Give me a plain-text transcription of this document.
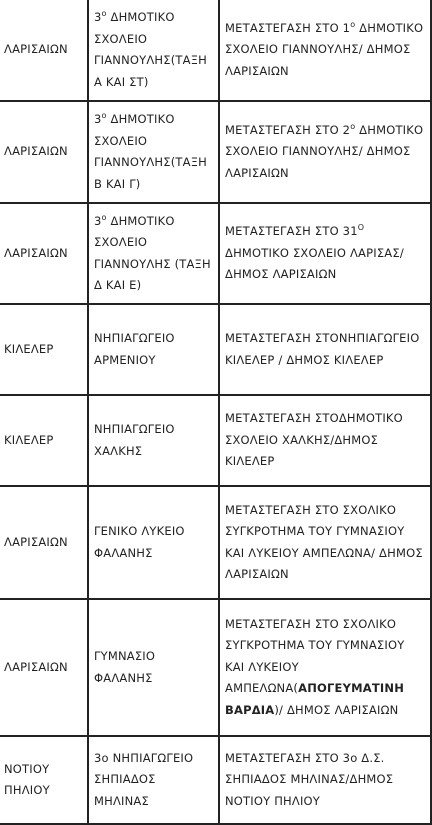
ΛΑΡΙΣΑΙΩΝ	$3^o$ ΔΗΜΟΤΙΚΟ ΣΧΟΛΕΙΟ ΓΙΑΝΝΟΥΛΗΣ(ΤΑΞΗ Α ΚΑΙ ΣΤ)	ΜΕΤΑΣΤΕΓΑΣΗ ΣΤΟ $1^o$ ΔΗΜΟΤΙΚΟ ΣΧΟΛΕΙΟ ΓΙΑΝΝΟΥΛΗΣ/ ΔΗΜΟΣ ΛΑΡΙΣΑΙΩΝ
ΛΑΡΙΣΑΙΩΝ	$3^o$ ΔΗΜΟΤΙΚΟ ΣΧΟΛΕΙΟ ΓΙΑΝΝΟΥΛΗΣ(ΤΑΞΗ Β ΚΑΙ Γ)	ΜΕΤΑΣΤΕΓΑΣΗ ΣΤΟ $2^o$ ΔΗΜΟΤΙΚΟ ΣΧΟΛΕΙΟ ΓΙΑΝΝΟΥΛΗΣ/ ΔΗΜΟΣ ΛΑΡΙΣΑΙΩΝ
ΛΑΡΙΣΑΙΩΝ	$3^o$ ΔΗΜΟΤΙΚΟ ΣΧΟΛΕΙΟ ΓΙΑΝΝΟΥΛΗΣ (ΤΑΞΗ Δ ΚΑΙ Ε)	ΜΕΤΑΣΤΕΓΑΣΗ ΣΤΟ $31^O$ ΔΗΜΟΤΙΚΟ ΣΧΟΛΕΙΟ ΛΑΡΙΣΑΣ/ ΔΗΜΟΣ ΛΑΡΙΣΑΙΩΝ
ΚΙΛΕΛΕΡ	ΝΗΠΙΑΓΩΓΕΙΟ ΑΡΜΕΝΙΟΥ	ΜΕΤΑΣΤΕΓΑΣΗ ΣΤΟΝΗΠΙΑΓΩΓΕΙΟ ΚΙΛΕΛΕΡ / ΔΗΜΟΣ ΚΙΛΕΛΕΡ
ΚΙΛΕΛΕΡ	ΝΗΠΙΑΓΩΓΕΙΟ ΧΑΛΚΗΣ	ΜΕΤΑΣΤΕΓΑΣΗ ΣΤΟΔΗΜΟΤΙΚΟ ΣΧΟΛΕΙΟ ΧΑΛΚΗΣ/ΔΗΜΟΣ ΚΙΛΕΛΕΡ
ΛΑΡΙΣΑΙΩΝ	ΓΕΝΙΚΟ ΛΥΚΕΙΟ ΦΑΛΑΝΗΣ	ΜΕΤΑΣΤΕΓΑΣΗ ΣΤΟ ΣΧΟΛΙΚΟ ΣΥΓΚΡΟΤΗΜΑ ΤΟΥ ΓΥΜΝΑΣΙΟΥ ΚΑΙ ΛΥΚΕΙΟΥ ΑΜΠΕΛΩΝΑ/ ΔΗΜΟΣ ΛΑΡΙΣΑΙΩΝ
ΛΑΡΙΣΑΙΩΝ	ΓΥΜΝΑΣΙΟ ΦΑΛΑΝΗΣ	ΜΕΤΑΣΤΕΓΑΣΗ ΣΤΟ ΣΧΟΛΙΚΟ ΣΥΓΚΡΟΤΗΜΑ ΤΟΥ ΓΥΜΝΑΣΙΟΥ ΚΑΙ ΛΥΚΕΙΟΥ ΑΜΠΕΛΩΝΑ(ΑΠΟΓΕΥΜΑΤΙΝΗ ΒΑΡΔΙΑ)/ ΔΗΜΟΣ ΛΑΡΙΣΑΙΩΝ
ΝΟΤΙΟΥ ΠΗΛΙΟΥ	3ο ΝΗΠΙΑΓΩΓΕΙΟ ΣΗΠΙΑΔΟΣ ΜΗΛΙΝΑΣ	ΜΕΤΑΣΤΕΓΑΣΗ ΣΤΟ 3ο Δ.Σ. ΣΗΠΙΑΔΟΣ ΜΗΛΙΝΑΣ/ΔΗΜΟΣ ΝΟΤΙΟΥ ΠΗΛΙΟΥ
